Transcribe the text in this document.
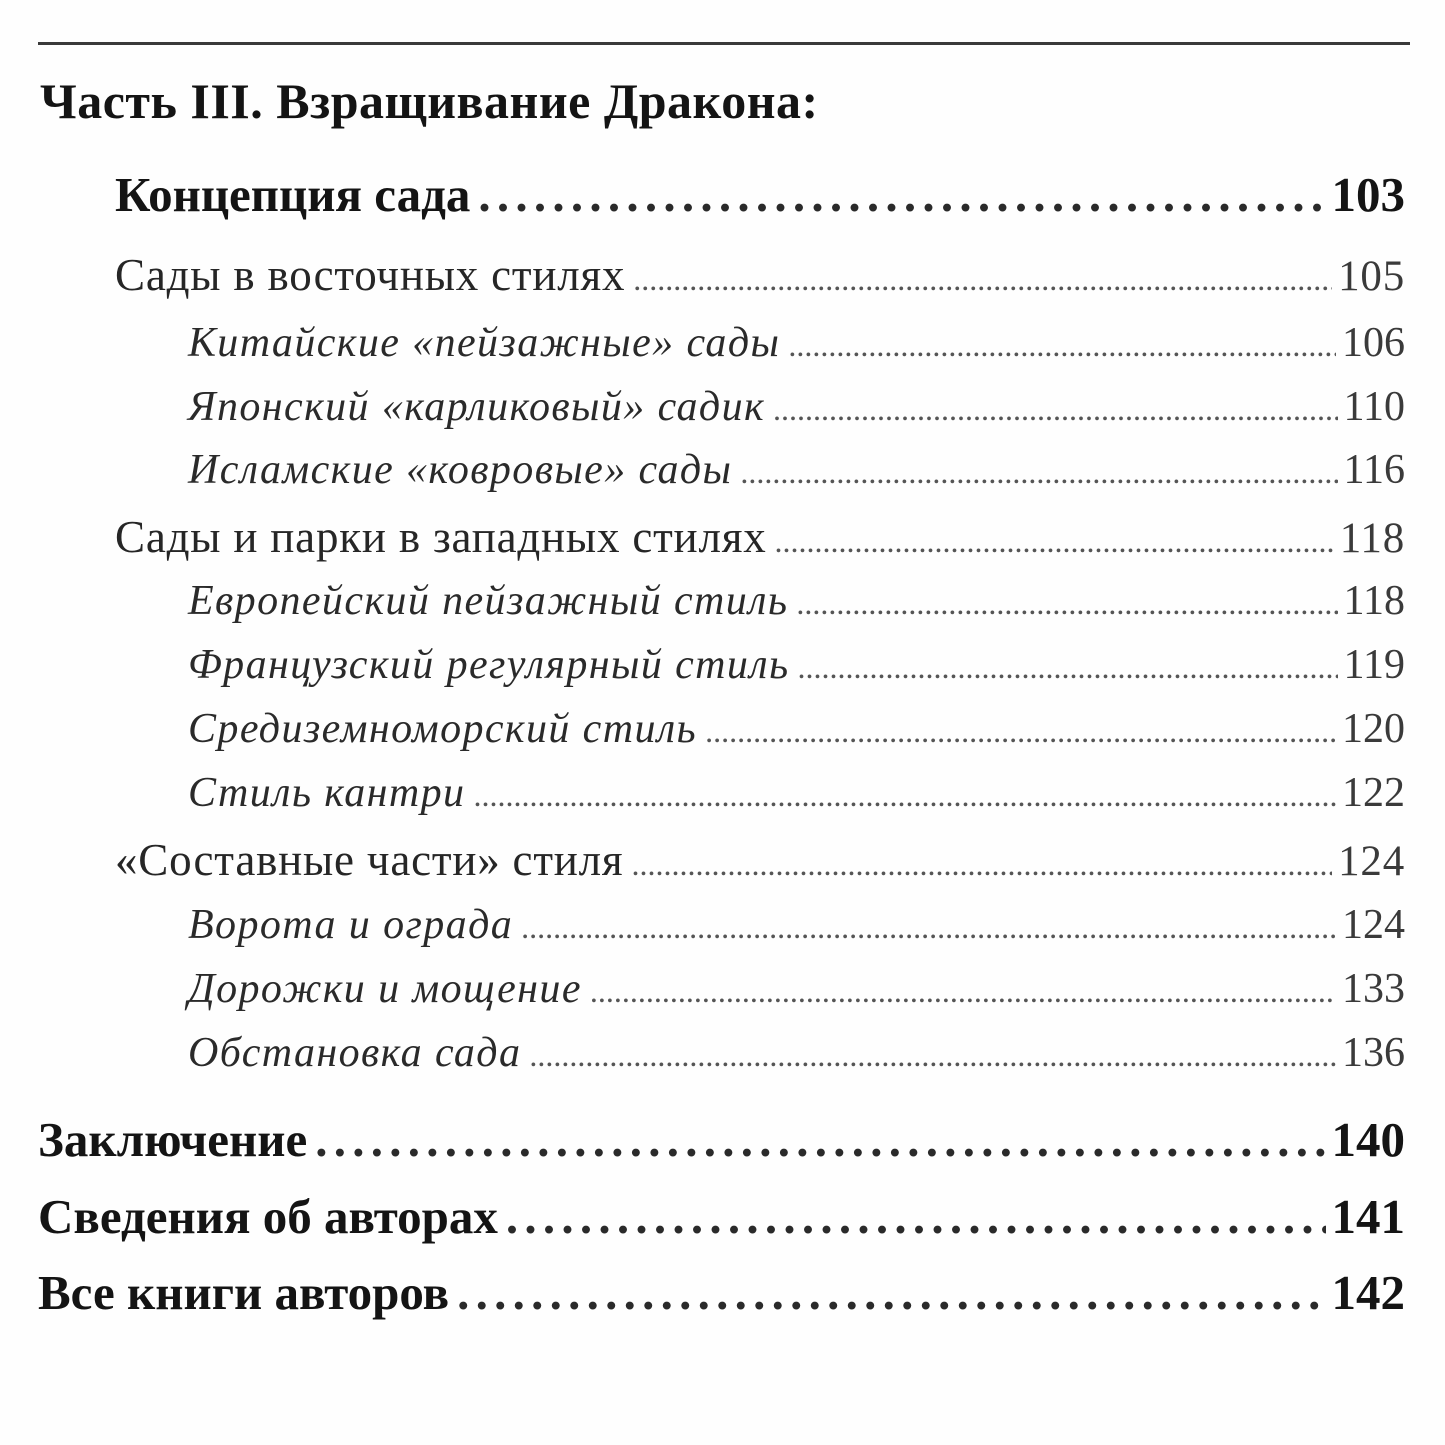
Часть III. Взращивание Дракона:
Концепция сада . . .	103
Сады в восточных стилях . . .	105
Китайские «пейзажные» сады . . .	106
Японский «карликовый» садик . . .	110
Исламские «ковровые» сады . . .	116
Сады и парки в западных стилях . . .	118
Европейский пейзажный стиль . . .	118
Французский регулярный стиль . . .	119
Средиземноморский стиль . . .	120
Стиль кантри . . .	122
«Составные части» стиля . . .	124
Ворота и ограда . . .	124
Дорожки и мощение . . .	133
Обстановка сада . . .	136
Заключение . . .	140
Сведения об авторах . . .	141
Все книги авторов . . .	142
